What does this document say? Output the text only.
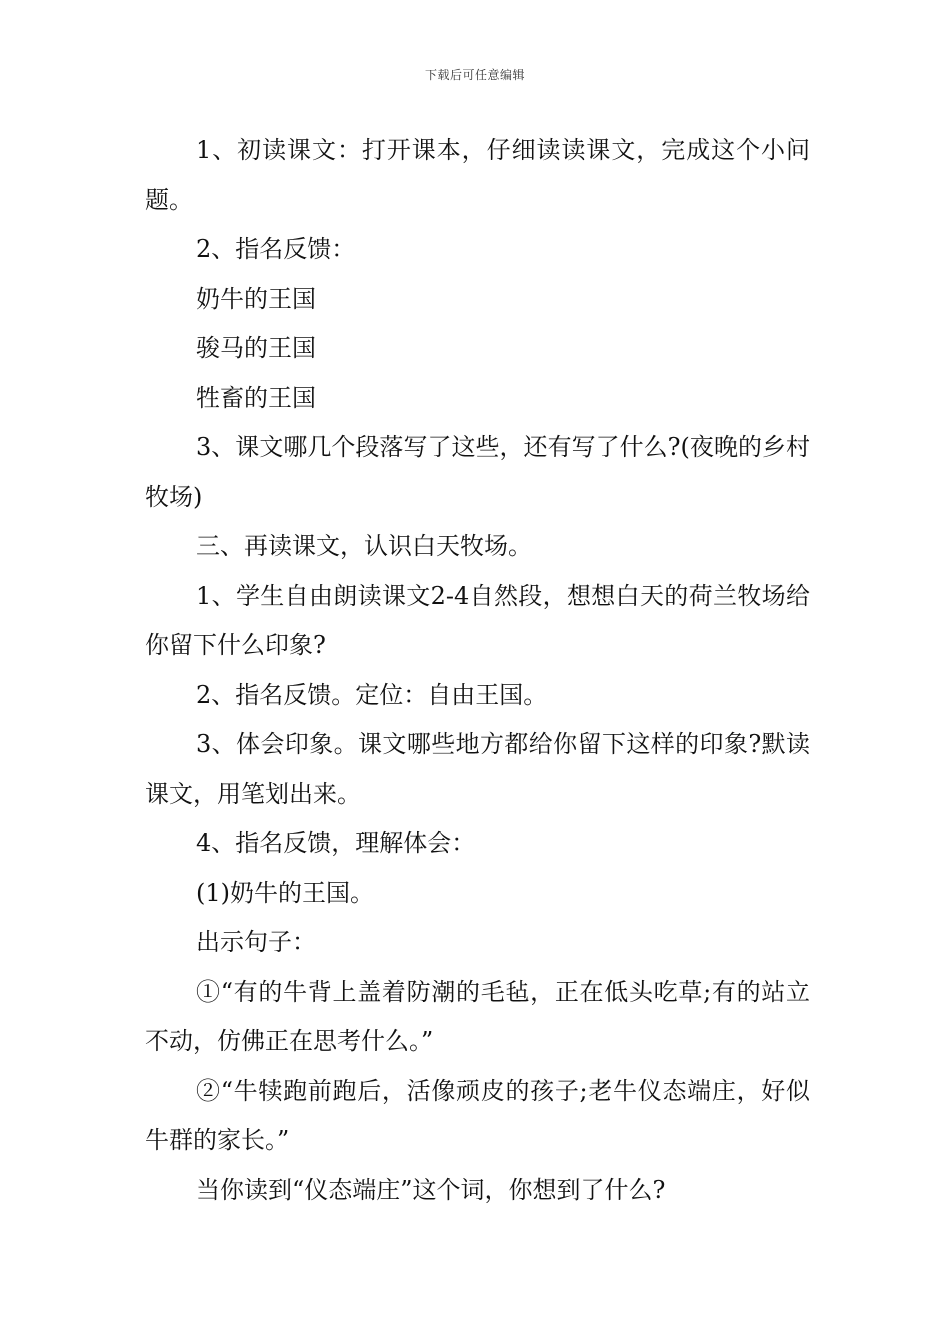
下载后可任意编辑

1、初读课文：打开课本，仔细读读课文，完成这个小问题。

2、指名反馈：

奶牛的王国

骏马的王国

牲畜的王国

3、课文哪几个段落写了这些，还有写了什么?(夜晚的乡村牧场)

三、再读课文，认识白天牧场。

1、学生自由朗读课文2-4自然段，想想白天的荷兰牧场给你留下什么印象?

2、指名反馈。定位：自由王国。

3、体会印象。课文哪些地方都给你留下这样的印象?默读课文，用笔划出来。

4、指名反馈，理解体会：

(1)奶牛的王国。

出示句子：

①“有的牛背上盖着防潮的毛毡，正在低头吃草;有的站立不动，仿佛正在思考什么。”

②“牛犊跑前跑后，活像顽皮的孩子;老牛仪态端庄，好似牛群的家长。”

当你读到“仪态端庄”这个词，你想到了什么?
